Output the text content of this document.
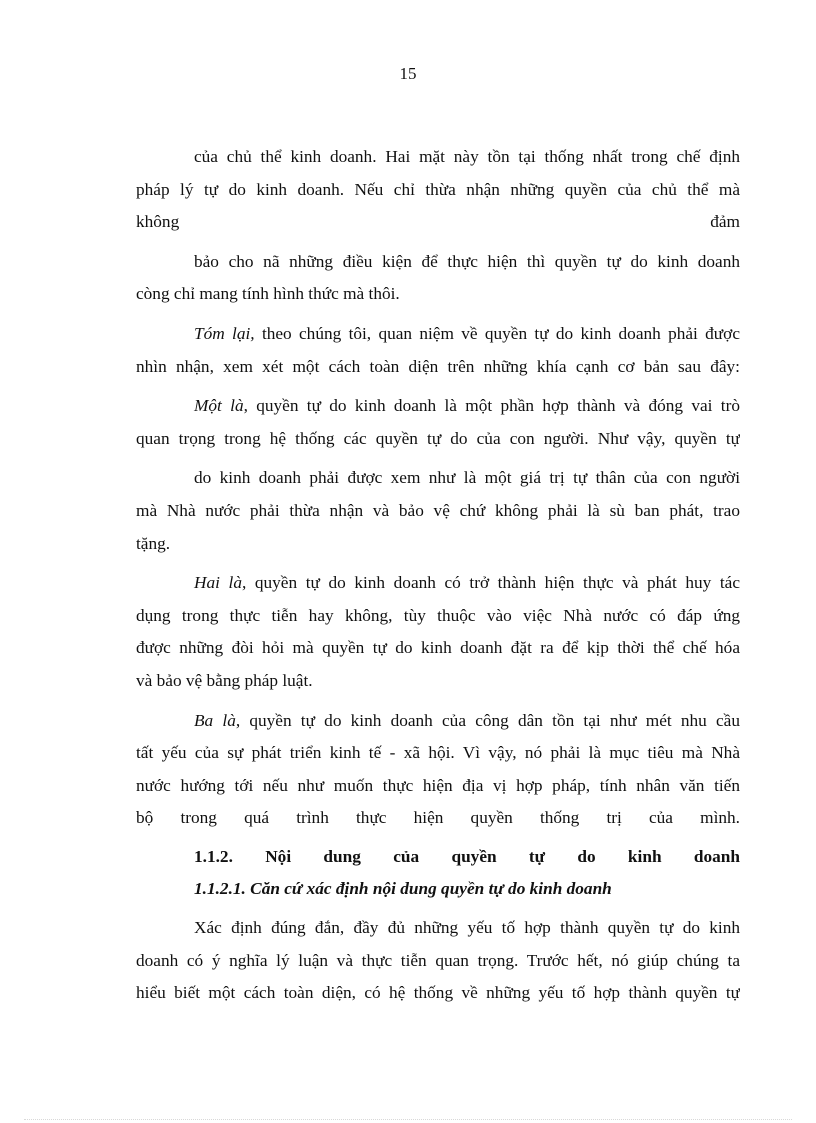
15
của chủ thể kinh doanh. Hai mặt này tồn tại thống nhất trong chế định
pháp lý tự do kinh doanh. Nếu chỉ thừa nhận những quyền của chủ thể mà
không	đảm
bảo cho nã những điều kiện để thực hiện thì quyền tự do kinh doanh
còng chỉ mang tính hình thức mà thôi.
Tóm lại, theo chúng tôi, quan niệm về quyền tự do kinh doanh phải được
nhìn nhận, xem xét một cách toàn diện trên những khía cạnh cơ bản sau đây:
Một là, quyền tự do kinh doanh là một phần hợp thành và đóng vai trò
quan trọng trong hệ thống các quyền tự do của con người. Như vậy, quyền tự
do kinh doanh phải được xem như là một giá trị tự thân của con người
mà Nhà nước phải thừa nhận và bảo vệ chứ không phải là sù ban phát, trao
tặng.
Hai là, quyền tự do kinh doanh có trở thành hiện thực và phát huy tác
dụng trong thực tiễn hay không, tùy thuộc vào việc Nhà nước có đáp ứng
được những đòi hỏi mà quyền tự do kinh doanh đặt ra để kịp thời thể chế hóa
và bảo vệ bằng pháp luật.
Ba là, quyền tự do kinh doanh của công dân tồn tại như mét nhu cầu
tất yếu của sự phát triển kinh tế - xã hội. Vì vậy, nó phải là mục tiêu mà Nhà
nước hướng tới nếu như muốn thực hiện địa vị hợp pháp, tính nhân văn tiến
bộ trong quá trình thực hiện quyền thống trị của mình.
1.1.2. Nội dung của quyền tự do kinh doanh
1.1.2.1. Căn cứ xác định nội dung quyền tự do kinh doanh
Xác định đúng đắn, đầy đủ những yếu tố hợp thành quyền tự do kinh
doanh có ý nghĩa lý luận và thực tiễn quan trọng. Trước hết, nó giúp chúng ta
hiểu biết một cách toàn diện, có hệ thống về những yếu tố hợp thành quyền tự
